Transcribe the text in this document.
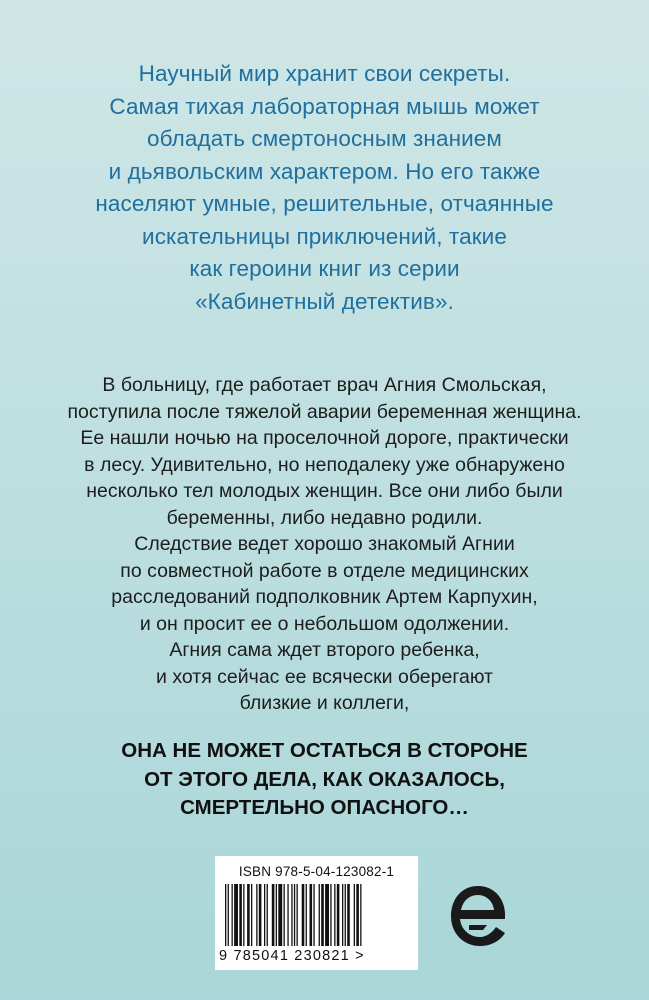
Научный мир хранит свои секреты.
Самая тихая лабораторная мышь может
обладать смертоносным знанием
и дьявольским характером. Но его также
населяют умные, решительные, отчаянные
искательницы приключений, такие
как героини книг из серии
«Кабинетный детектив».
В больницу, где работает врач Агния Смольская,
поступила после тяжелой аварии беременная женщина.
Ее нашли ночью на проселочной дороге, практически
в лесу. Удивительно, но неподалеку уже обнаружено
несколько тел молодых женщин. Все они либо были
беременны, либо недавно родили.
Следствие ведет хорошо знакомый Агнии
по совместной работе в отделе медицинских
расследований подполковник Артем Карпухин,
и он просит ее о небольшом одолжении.
Агния сама ждет второго ребенка,
и хотя сейчас ее всячески оберегают
близкие и коллеги,
ОНА НЕ МОЖЕТ ОСТАТЬСЯ В СТОРОНЕ
ОТ ЭТОГО ДЕЛА, КАК ОКАЗАЛОСЬ,
СМЕРТЕЛЬНО ОПАСНОГО…
ISBN 978-5-04-123082-1
9 785041 230821 >
